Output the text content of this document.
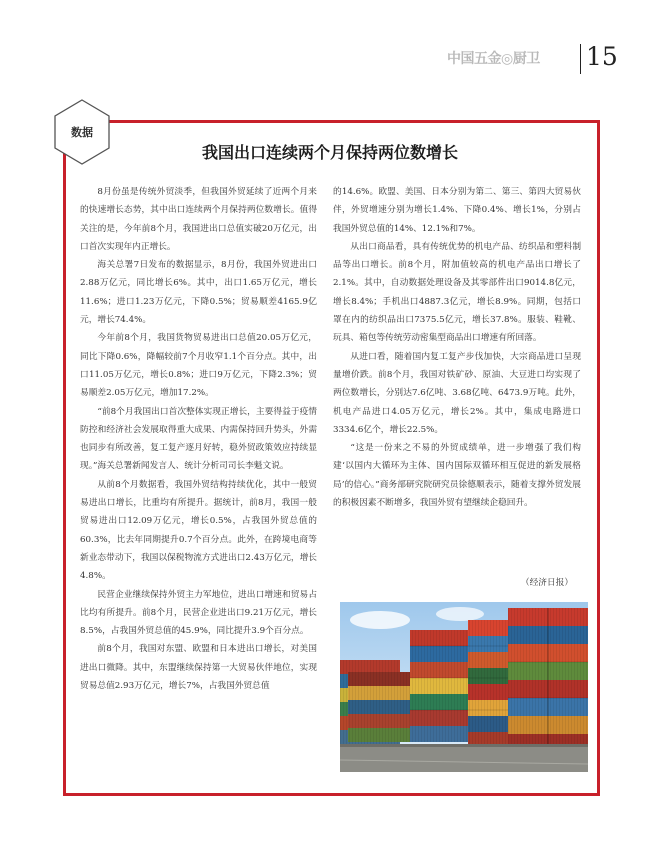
中国五金◎厨卫	15
数据
我国出口连续两个月保持两位数增长

8月份虽是传统外贸淡季，但我国外贸延续了近两个月来的快速增长态势，其中出口连续两个月保持两位数增长。值得关注的是，今年前8个月，我国进出口总值实破20万亿元，出口首次实现年内正增长。

海关总署7日发布的数据显示，8月份，我国外贸进出口2.88万亿元，同比增长6%。其中，出口1.65万亿元，增长11.6%；进口1.23万亿元，下降0.5%；贸易顺差4165.9亿元，增长74.4%。

今年前8个月，我国货物贸易进出口总值20.05万亿元，同比下降0.6%，降幅较前7个月收窄1.1个百分点。其中，出口11.05万亿元，增长0.8%；进口9万亿元，下降2.3%；贸易顺差2.05万亿元，增加17.2%。

“前8个月我国出口首次整体实现正增长，主要得益于疫情防控和经济社会发展取得重大成果、内需保持回升势头，外需也同步有所改善，复工复产逐月好转，稳外贸政策效应持续显现。”海关总署新闻发言人、统计分析司司长李魁文说。

从前8个月数据看，我国外贸结构持续优化，其中一般贸易进出口增长，比重均有所提升。据统计，前8月，我国一般贸易进出口12.09万亿元，增长0.5%，占我国外贸总值的60.3%，比去年同期提升0.7个百分点。此外，在跨境电商等新业态带动下，我国以保税物流方式进出口2.43万亿元，增长4.8%。

民营企业继续保持外贸主力军地位，进出口增速和贸易占比均有所提升。前8个月，民营企业进出口9.21万亿元，增长8.5%，占我国外贸总值的45.9%，同比提升3.9个百分点。

前8个月，我国对东盟、欧盟和日本进出口增长，对美国进出口微降。其中，东盟继续保持第一大贸易伙伴地位，实现贸易总值2.93万亿元，增长7%，占我国外贸总值

的14.6%。欧盟、美国、日本分别为第二、第三、第四大贸易伙伴，外贸增速分别为增长1.4%、下降0.4%、增长1%，分别占我国外贸总值的14%、12.1%和7%。

从出口商品看，具有传统优势的机电产品、纺织品和塑料制品等出口增长。前8个月，附加值较高的机电产品出口增长了2.1%。其中，自动数据处理设备及其零部件出口9014.8亿元，增长8.4%；手机出口4887.3亿元，增长8.9%。同期，包括口罩在内的纺织品出口7375.5亿元，增长37.8%。服装、鞋靴、玩具、箱包等传统劳动密集型商品出口增速有所回落。

从进口看，随着国内复工复产步伐加快，大宗商品进口呈现量增价跌。前8个月，我国对铁矿砂、原油、大豆进口均实现了两位数增长，分别达7.6亿吨、3.68亿吨、6473.9万吨。此外，机电产品进口4.05万亿元，增长2%。其中，集成电路进口3334.6亿个，增长22.5%。

“这是一份来之不易的外贸成绩单，进一步增强了我们构建‘以国内大循环为主体、国内国际双循环相互促进的新发展格局’的信心。”商务部研究院研究员徐德顺表示，随着支撑外贸发展的积极因素不断增多，我国外贸有望继续企稳回升。

（经济日报）
